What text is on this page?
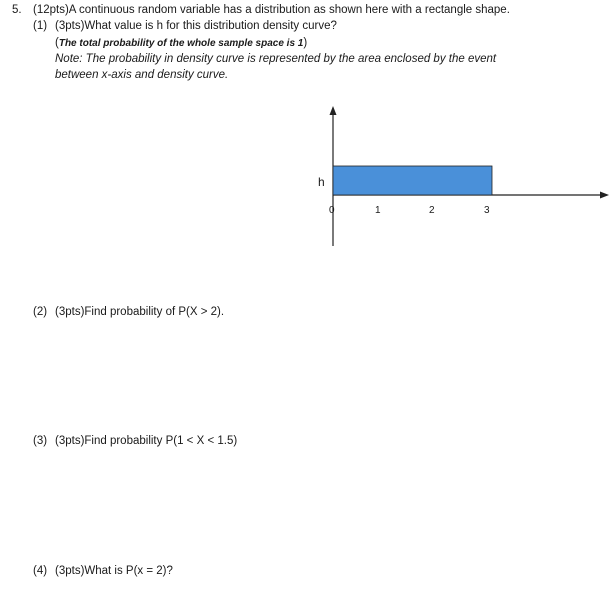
5. (12pts)A continuous random variable has a distribution as shown here with a rectangle shape.
(1) (3pts)What value is h for this distribution density curve?
(The total probability of the whole sample space is 1)
Note: The probability in density curve is represented by the area enclosed by the event
between x-axis and density curve.
h
0	1	2	3
(2) (3pts)Find probability of P(X > 2).
(3) (3pts)Find probability P(1 < X < 1.5)
(4) (3pts)What is P(x = 2)?
